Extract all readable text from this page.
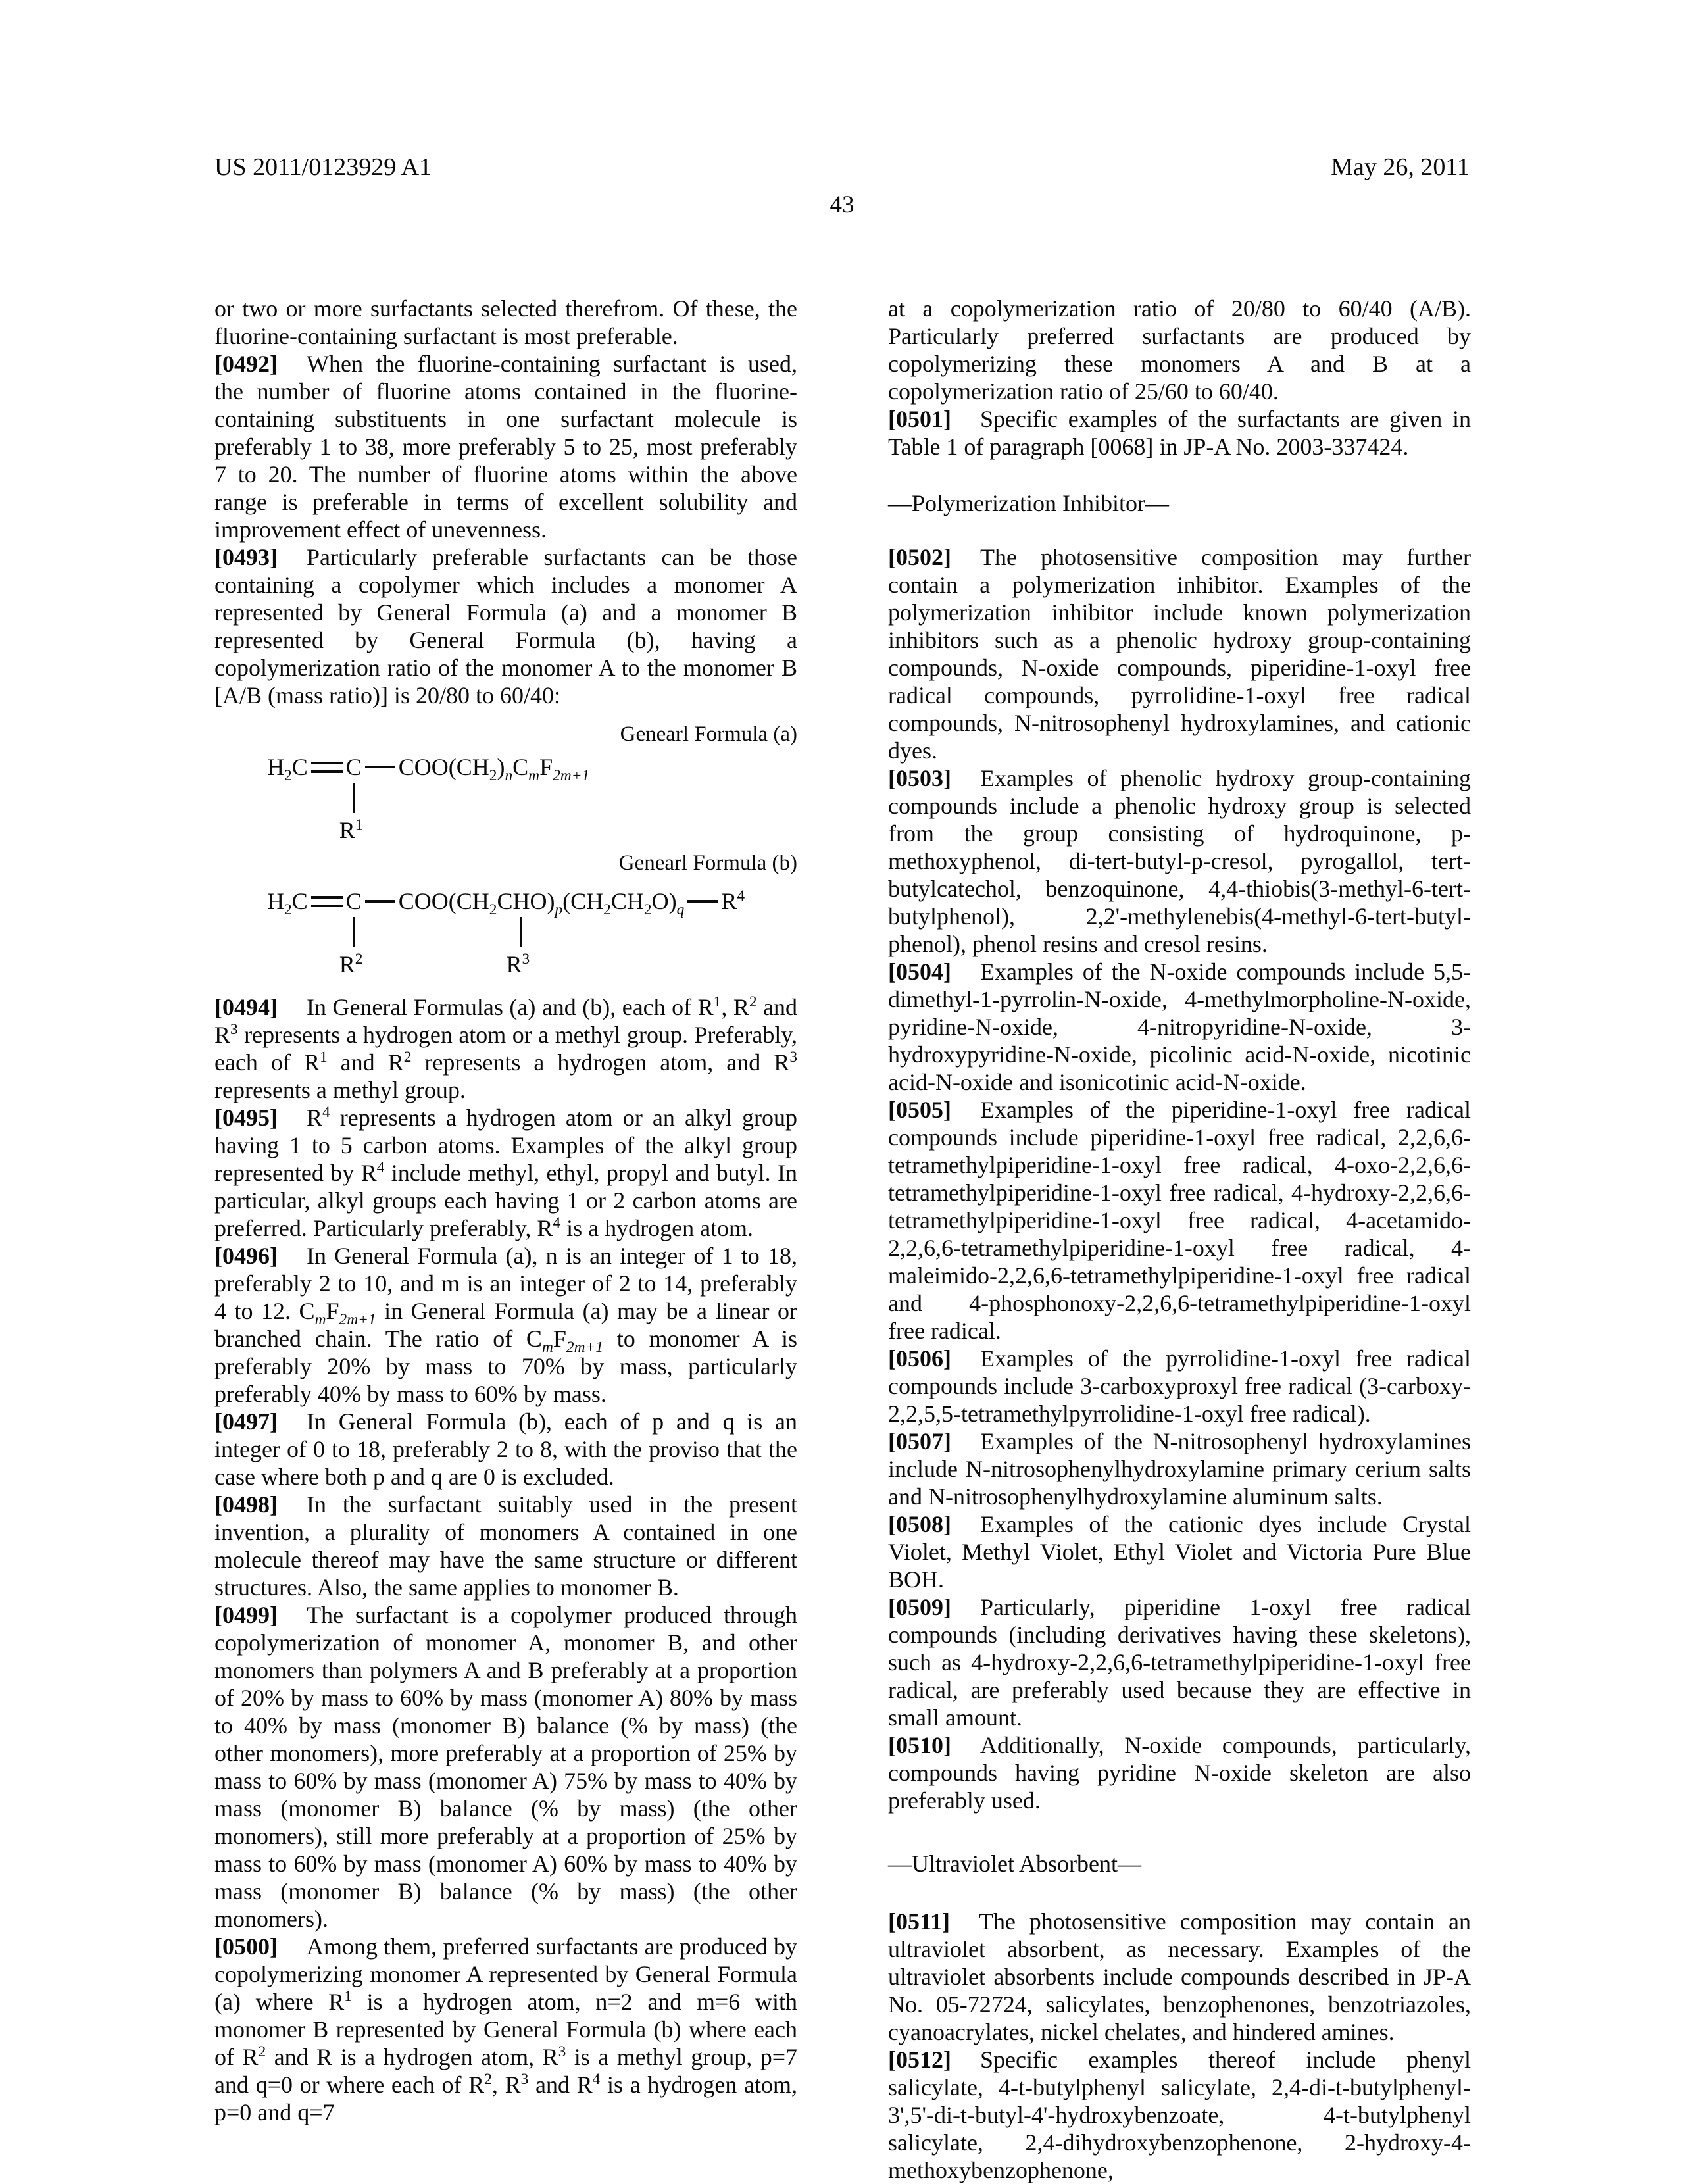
US 2011/0123929 A1	May 26, 2011
43

or two or more surfactants selected therefrom. Of these, the fluorine-containing surfactant is most preferable.

[0492] When the fluorine-containing surfactant is used, the number of fluorine atoms contained in the fluorine-containing substituents in one surfactant molecule is preferably 1 to 38, more preferably 5 to 25, most preferably 7 to 20. The number of fluorine atoms within the above range is preferable in terms of excellent solubility and improvement effect of unevenness.

[0493] Particularly preferable surfactants can be those containing a copolymer which includes a monomer A represented by General Formula (a) and a monomer B represented by General Formula (b), having a copolymerization ratio of the monomer A to the monomer B [A/B (mass ratio)] is 20/80 to 60/40:

Genearl Formula (a)
$H_2C$ C
$R^1$
$COO(CH_2)_nC_mF_{2m+1}$
Genearl Formula (b)
$H_2C$ C
$R^2$
$COO(CH_2CH$
$R^3$
$O)_p(CH_2CH_2O)_q$ $R^4$

[0494] In General Formulas (a) and (b), each of $R^1$, $R^2$ and $R^3$ represents a hydrogen atom or a methyl group. Preferably, each of $R^1$ and $R^2$ represents a hydrogen atom, and $R^3$ represents a methyl group.

[0495] $R^4$ represents a hydrogen atom or an alkyl group having 1 to 5 carbon atoms. Examples of the alkyl group represented by $R^4$ include methyl, ethyl, propyl and butyl. In particular, alkyl groups each having 1 or 2 carbon atoms are preferred. Particularly preferably, $R^4$ is a hydrogen atom.

[0496] In General Formula (a), n is an integer of 1 to 18, preferably 2 to 10, and m is an integer of 2 to 14, preferably 4 to 12. $C_mF_{2m+1}$ in General Formula (a) may be a linear or branched chain. The ratio of $C_mF_{2m+1}$ to monomer A is preferably 20% by mass to 70% by mass, particularly preferably 40% by mass to 60% by mass.

[0497] In General Formula (b), each of p and q is an integer of 0 to 18, preferably 2 to 8, with the proviso that the case where both p and q are 0 is excluded.

[0498] In the surfactant suitably used in the present invention, a plurality of monomers A contained in one molecule thereof may have the same structure or different structures. Also, the same applies to monomer B.

[0499] The surfactant is a copolymer produced through copolymerization of monomer A, monomer B, and other monomers than polymers A and B preferably at a proportion of 20% by mass to 60% by mass (monomer A) 80% by mass to 40% by mass (monomer B) balance (% by mass) (the other monomers), more preferably at a proportion of 25% by mass to 60% by mass (monomer A) 75% by mass to 40% by mass (monomer B) balance (% by mass) (the other monomers), still more preferably at a proportion of 25% by mass to 60% by mass (monomer A) 60% by mass to 40% by mass (monomer B) balance (% by mass) (the other monomers).

[0500] Among them, preferred surfactants are produced by copolymerizing monomer A represented by General Formula (a) where $R^1$ is a hydrogen atom, n=2 and m=6 with monomer B represented by General Formula (b) where each of $R^2$ and R is a hydrogen atom, $R^3$ is a methyl group, p=7 and q=0 or where each of $R^2$, $R^3$ and $R^4$ is a hydrogen atom, p=0 and q=7

at a copolymerization ratio of 20/80 to 60/40 (A/B). Particularly preferred surfactants are produced by copolymerizing these monomers A and B at a copolymerization ratio of 25/60 to 60/40.

[0501] Specific examples of the surfactants are given in Table 1 of paragraph [0068] in JP-A No. 2003-337424.

—Polymerization Inhibitor—

[0502] The photosensitive composition may further contain a polymerization inhibitor. Examples of the polymerization inhibitor include known polymerization inhibitors such as a phenolic hydroxy group-containing compounds, N-oxide compounds, piperidine-1-oxyl free radical compounds, pyrrolidine-1-oxyl free radical compounds, N-nitrosophenyl hydroxylamines, and cationic dyes.

[0503] Examples of phenolic hydroxy group-containing compounds include a phenolic hydroxy group is selected from the group consisting of hydroquinone, p-methoxyphenol, di-tert-butyl-p-cresol, pyrogallol, tert-butylcatechol, benzoquinone, 4,4-thiobis(3-methyl-6-tert-butylphenol), 2,2'-methylenebis(4-methyl-6-tert-butyl-phenol), phenol resins and cresol resins.

[0504] Examples of the N-oxide compounds include 5,5-dimethyl-1-pyrrolin-N-oxide, 4-methylmorpholine-N-oxide, pyridine-N-oxide, 4-nitropyridine-N-oxide, 3-hydroxypyridine-N-oxide, picolinic acid-N-oxide, nicotinic acid-N-oxide and isonicotinic acid-N-oxide.

[0505] Examples of the piperidine-1-oxyl free radical compounds include piperidine-1-oxyl free radical, 2,2,6,6-tetramethylpiperidine-1-oxyl free radical, 4-oxo-2,2,6,6-tetramethylpiperidine-1-oxyl free radical, 4-hydroxy-2,2,6,6-tetramethylpiperidine-1-oxyl free radical, 4-acetamido-2,2,6,6-tetramethylpiperidine-1-oxyl free radical, 4-maleimido-2,2,6,6-tetramethylpiperidine-1-oxyl free radical and 4-phosphonoxy-2,2,6,6-tetramethylpiperidine-1-oxyl free radical.

[0506] Examples of the pyrrolidine-1-oxyl free radical compounds include 3-carboxyproxyl free radical (3-carboxy-2,2,5,5-tetramethylpyrrolidine-1-oxyl free radical).

[0507] Examples of the N-nitrosophenyl hydroxylamines include N-nitrosophenylhydroxylamine primary cerium salts and N-nitrosophenylhydroxylamine aluminum salts.

[0508] Examples of the cationic dyes include Crystal Violet, Methyl Violet, Ethyl Violet and Victoria Pure Blue BOH.

[0509] Particularly, piperidine 1-oxyl free radical compounds (including derivatives having these skeletons), such as 4-hydroxy-2,2,6,6-tetramethylpiperidine-1-oxyl free radical, are preferably used because they are effective in small amount.

[0510] Additionally, N-oxide compounds, particularly, compounds having pyridine N-oxide skeleton are also preferably used.

—Ultraviolet Absorbent—

[0511] The photosensitive composition may contain an ultraviolet absorbent, as necessary. Examples of the ultraviolet absorbents include compounds described in JP-A No. 05-72724, salicylates, benzophenones, benzotriazoles, cyanoacrylates, nickel chelates, and hindered amines.

[0512] Specific examples thereof include phenyl salicylate, 4-t-butylphenyl salicylate, 2,4-di-t-butylphenyl-3',5'-di-t-butyl-4'-hydroxybenzoate, 4-t-butylphenyl salicylate, 2,4-dihydroxybenzophenone, 2-hydroxy-4-methoxybenzophenone,
